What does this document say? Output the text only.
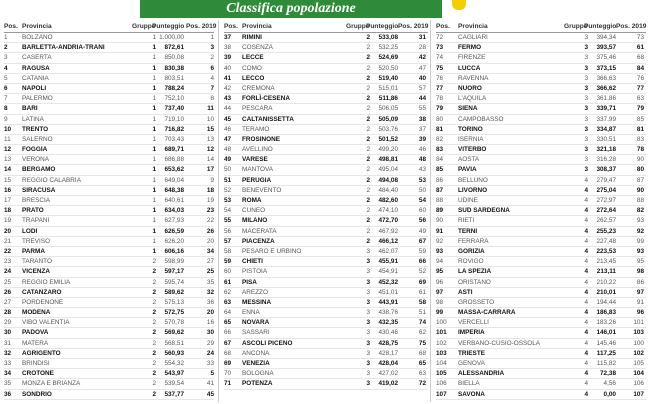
Classifica popolazione
Pos. Provincia	Gruppo
Punteggio Pos. 2019
1 BOLZANO	1 1.000,00	1
2 BARLETTA-ANDRIA-TRANI	1	872,61	3
3 CASERTA	1	850,08	2
4 RAGUSA	1	830,38	6
5 CATANIA	1	803,51	4
6 NAPOLI	1	788,24	7
7 PALERMO	1	752,10	8
8 BARI	1	737,40	11
9 LATINA	1	719,10	10
10 TRENTO	1	716,82	15
11 SALERNO	1	703,43	13
12 FOGGIA	1	689,71	12
13 VERONA	1	686,88	14
14 BERGAMO	1	653,62	17
15 REGGIO CALABRIA	1	649,04	9
16 SIRACUSA	1	648,38	18
17 BRESCIA	1	640,61	19
18 PRATO	1	634,03	23
19 TRAPANI	1	627,93	22
20 LODI	1	626,59	26
21 TREVISO	1	626,20	20
22 PARMA	1	606,16	34
23 TARANTO	2	598,99	27
24 VICENZA	2	597,17	25
25 REGGIO EMILIA	2	595,74	35
26 CATANZARO	2	589,62	32
27 PORDENONE	2	575,13	36
28 MODENA	2	572,75	20
29 VIBO VALENTIA	2	570,78	16
30 PADOVA	2	569,62	30
31 MATERA	2	568,51	29
32 AGRIGENTO	2	560,93	24
33 BRINDISI	2	554,32	33
34 CROTONE	2	543,97	5
35 MONZA E BRIANZA	2	539,54	41
36 SONDRIO	2	537,77	45
Pos. Provincia	Gruppo
Punteggio Pos. 2019
37 RIMINI	2	533,08	31
38 COSENZA	2	532,25	28
39 LECCE	2	524,69	42
40 COMO	2	520,50	47
41 LECCO	2	519,40	40
42 CREMONA	2	515,01	57
43 FORLÌ-CESENA	2	511,86	44
44 PESCARA	2	506,05	55
45 CALTANISSETTA	2	505,09	38
46 TERAMO	2	503,76	37
47 FROSINONE	2	501,52	39
48 AVELLINO	2	499,20	46
49 VARESE	2	498,81	48
50 MANTOVA	2	495,04	43
51 PERUGIA	2	494,08	53
52 BENEVENTO	2	484,40	50
53 ROMA	2	482,60	54
54 CUNEO	2	474,10	60
55 MILANO	2	472,70	56
56 MACERATA	2	467,92	49
57 PIACENZA	2	466,12	67
58 PESARO E URBINO	3	462,07	59
59 CHIETI	3	455,91	66
60 PISTOIA	3	454,91	52
61 PISA	3	452,32	69
62 AREZZO	3	451,01	61
63 MESSINA	3	443,91	58
64 ENNA	3	438,76	51
65 NOVARA	3	432,35	74
66 SASSARI	3	430,46	62
67 ASCOLI PICENO	3	428,75	75
68 ANCONA	3	428,17	68
69 VENEZIA	3	428,04	65
70 BOLOGNA	3	427,02	63
71 POTENZA	3	419,02	72
Pos. Provincia	Gruppo
Punteggio Pos. 2019
72 CAGLIARI	3	394,34	73
73 FERMO	3	393,57	61
74 FIRENZE	3	375,46	68
75 LUCCA	3	373,15	84
76 RAVENNA	3	366,63	76
77 NUORO	3	366,62	77
78 L'AQUILA	3	361,86	63
79 SIENA	3	339,71	79
80 CAMPOBASSO	3	337,99	85
81 TORINO	3	334,87	81
82 ISERNIA	3	330,51	83
83 VITERBO	3	321,18	78
84 AOSTA	3	316,28	90
85 PAVIA	3	308,37	80
86 BELLUNO	4	279,47	87
87 LIVORNO	4	275,04	90
88 UDINE	4	272,97	88
89 SUD SARDEGNA	4	272,64	82
90 RIETI	4	262,57	93
91 TERNI	4	255,23	92
92 FERRARA	4	227,48	99
93 GORIZIA	4	223,53	93
94 ROVIGO	4	213,45	95
95 LA SPEZIA	4	213,11	98
96 ORISTANO	4	210,22	86
97 ASTI	4	210,01	97
98 GROSSETO	4	194,44	91
99 MASSA-CARRARA	4	186,83	96
100 VERCELLI	4	183,26	101
101 IMPERIA	4	146,01	103
102 VERBANO-CUSIO-OSSOLA	4	145,46	100
103 TRIESTE	4	117,25	102
104 GENOVA	4	115,82	105
105 ALESSANDRIA	4	72,38	104
106 BIELLA	4	4,56	106
107 SAVONA	4	0,00	107
